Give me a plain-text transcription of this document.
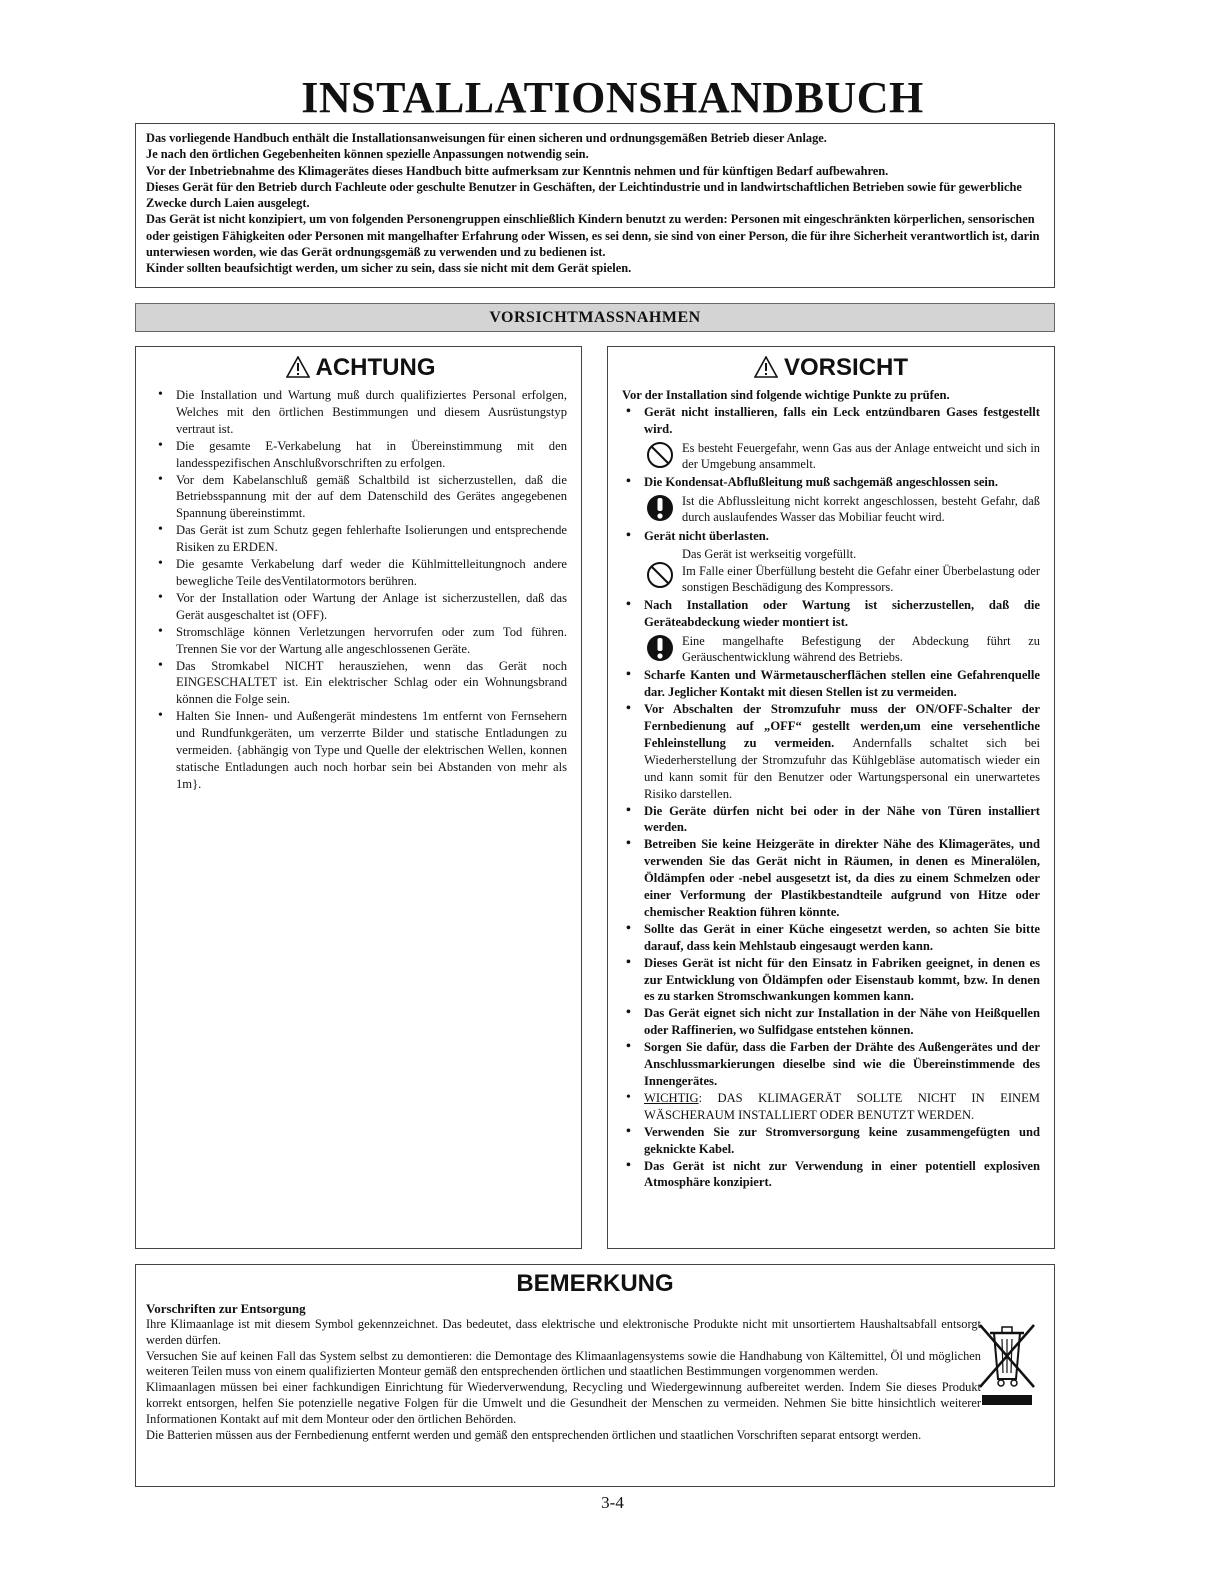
INSTALLATIONSHANDBUCH

Das vorliegende Handbuch enthält die Installationsanweisungen für einen sicheren und ordnungsgemäßen Betrieb dieser Anlage.

Je nach den örtlichen Gegebenheiten können spezielle Anpassungen notwendig sein.

Vor der Inbetriebnahme des Klimagerätes dieses Handbuch bitte aufmerksam zur Kenntnis nehmen und für künftigen Bedarf aufbewahren.

Dieses Gerät für den Betrieb durch Fachleute oder geschulte Benutzer in Geschäften, der Leichtindustrie und in landwirtschaftlichen Betrieben sowie für gewerbliche Zwecke durch Laien ausgelegt.

Das Gerät ist nicht konzipiert, um von folgenden Personengruppen einschließlich Kindern benutzt zu werden: Personen mit eingeschränkten körperlichen, sensorischen oder geistigen Fähigkeiten oder Personen mit mangelhafter Erfahrung oder Wissen, es sei denn, sie sind von einer Person, die für ihre Sicherheit verantwortlich ist, darin unterwiesen worden, wie das Gerät ordnungsgemäß zu verwenden und zu bedienen ist.

Kinder sollten beaufsichtigt werden, um sicher zu sein, dass sie nicht mit dem Gerät spielen.

VORSICHTMASSNAHMEN
ACHTUNG
• Die Installation und Wartung muß durch qualifiziertes Personal erfolgen, Welches mit den örtlichen Bestimmungen und diesem Ausrüstungstyp vertraut ist.
• Die gesamte E-Verkabelung hat in Übereinstimmung mit den landesspezifischen Anschlußvorschriften zu erfolgen.
• Vor dem Kabelanschluß gemäß Schaltbild ist sicherzustellen, daß die Betriebsspannung mit der auf dem Datenschild des Gerätes angegebenen Spannung übereinstimmt.
• Das Gerät ist zum Schutz gegen fehlerhafte Isolierungen und entsprechende Risiken zu ERDEN.
• Die gesamte Verkabelung darf weder die Kühlmittelleitungnoch andere bewegliche Teile desVentilatormotors berühren.
• Vor der Installation oder Wartung der Anlage ist sicherzustellen, daß das Gerät ausgeschaltet ist (OFF).
• Stromschläge können Verletzungen hervorrufen oder zum Tod führen. Trennen Sie vor der Wartung alle angeschlossenen Geräte.
• Das Stromkabel NICHT herausziehen, wenn das Gerät noch EINGESCHALTET ist. Ein elektrischer Schlag oder ein Wohnungsbrand können die Folge sein.
• Halten Sie Innen- und Außengerät mindestens 1m entfernt von Fernsehern und Rundfunkgeräten, um verzerrte Bilder und statische Entladungen zu vermeiden. {abhängig von Type und Quelle der elektrischen Wellen, konnen statische Entladungen auch noch horbar sein bei Abstanden von mehr als 1m}.
VORSICHT
Vor der Installation sind folgende wichtige Punkte zu prüfen.
• Gerät nicht installieren, falls ein Leck entzündbaren Gases festgestellt wird.
Es besteht Feuergefahr, wenn Gas aus der Anlage entweicht und sich in der Umgebung ansammelt.
• Die Kondensat-Abflußleitung muß sachgemäß angeschlossen sein.
Ist die Abflussleitung nicht korrekt angeschlossen, besteht Gefahr, daß durch auslaufendes Wasser das Mobiliar feucht wird.
• Gerät nicht überlasten.
Das Gerät ist werkseitig vorgefüllt.
Im Falle einer Überfüllung besteht die Gefahr einer Überbelastung oder sonstigen Beschädigung des Kompressors.
• Nach Installation oder Wartung ist sicherzustellen, daß die Geräteabdeckung wieder montiert ist.
Eine mangelhafte Befestigung der Abdeckung führt zu Geräuschentwicklung während des Betriebs.
• Scharfe Kanten und Wärmetauscherflächen stellen eine Gefahrenquelle dar. Jeglicher Kontakt mit diesen Stellen ist zu vermeiden.
• Vor Abschalten der Stromzufuhr muss der ON/OFF-Schalter der Fernbedienung auf „OFF“ gestellt werden,um eine versehentliche Fehleinstellung zu vermeiden. Andernfalls schaltet sich bei Wiederherstellung der Stromzufuhr das Kühlgebläse automatisch wieder ein und kann somit für den Benutzer oder Wartungspersonal ein unerwartetes Risiko darstellen.
• Die Geräte dürfen nicht bei oder in der Nähe von Türen installiert werden.
• Betreiben Sie keine Heizgeräte in direkter Nähe des Klimagerätes, und verwenden Sie das Gerät nicht in Räumen, in denen es Mineralölen, Öldämpfen oder -nebel ausgesetzt ist, da dies zu einem Schmelzen oder einer Verformung der Plastikbestandteile aufgrund von Hitze oder chemischer Reaktion führen könnte.
• Sollte das Gerät in einer Küche eingesetzt werden, so achten Sie bitte darauf, dass kein Mehlstaub eingesaugt werden kann.
• Dieses Gerät ist nicht für den Einsatz in Fabriken geeignet, in denen es zur Entwicklung von Öldämpfen oder Eisenstaub kommt, bzw. In denen es zu starken Stromschwankungen kommen kann.
• Das Gerät eignet sich nicht zur Installation in der Nähe von Heißquellen oder Raffinerien, wo Sulfidgase entstehen können.
• Sorgen Sie dafür, dass die Farben der Drähte des Außengerätes und der Anschlussmarkierungen dieselbe sind wie die Übereinstimmende des Innengerätes.
• WICHTIG: DAS KLIMAGERÄT SOLLTE NICHT IN EINEM WÄSCHERAUM INSTALLIERT ODER BENUTZT WERDEN.
• Verwenden Sie zur Stromversorgung keine zusammengefügten und geknickte Kabel.
• Das Gerät ist nicht zur Verwendung in einer potentiell explosiven Atmosphäre konzipiert.
BEMERKUNG
Vorschriften zur Entsorgung

Ihre Klimaanlage ist mit diesem Symbol gekennzeichnet. Das bedeutet, dass elektrische und elektronische Produkte nicht mit unsortiertem Haushaltsabfall entsorgt werden dürfen.

Versuchen Sie auf keinen Fall das System selbst zu demontieren: die Demontage des Klimaanlagensystems sowie die Handhabung von Kältemittel, Öl und möglichen weiteren Teilen muss von einem qualifizierten Monteur gemäß den entsprechenden örtlichen und staatlichen Bestimmungen vorgenommen werden.

Klimaanlagen müssen bei einer fachkundigen Einrichtung für Wiederverwendung, Recycling und Wiedergewinnung aufbereitet werden. Indem Sie dieses Produkt korrekt entsorgen, helfen Sie potenzielle negative Folgen für die Umwelt und die Gesundheit der Menschen zu vermeiden. Nehmen Sie bitte hinsichtlich weiterer Informationen Kontakt auf mit dem Monteur oder den örtlichen Behörden.

Die Batterien müssen aus der Fernbedienung entfernt werden und gemäß den entsprechenden örtlichen und staatlichen Vorschriften separat entsorgt werden.

3-4
